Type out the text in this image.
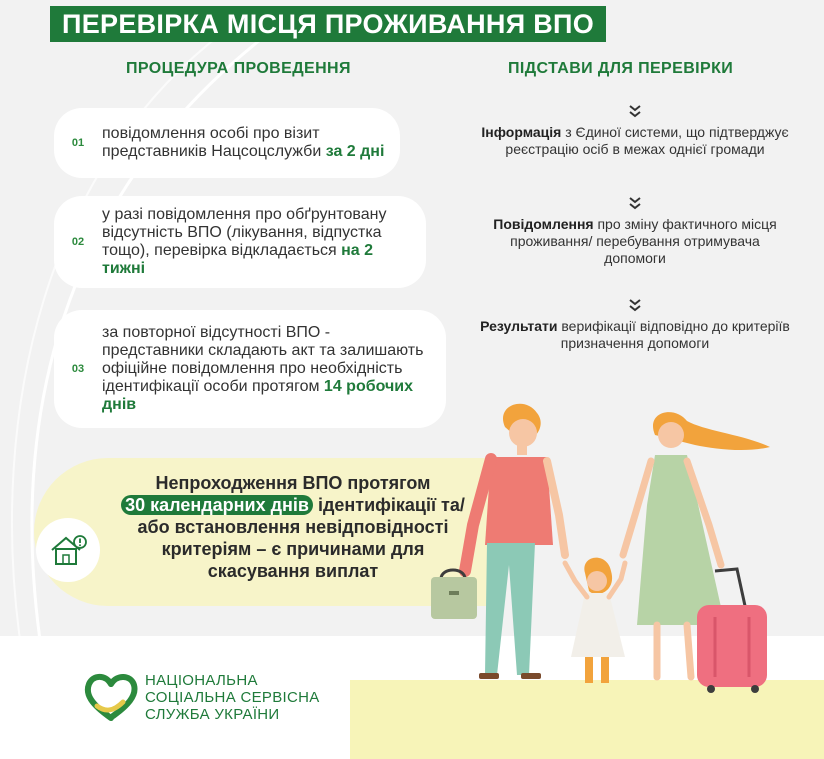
ПЕРЕВІРКА МІСЦЯ ПРОЖИВАННЯ ВПО
ПРОЦЕДУРА ПРОВЕДЕННЯ	ПІДСТАВИ ДЛЯ ПЕРЕВІРКИ
01
повідомлення особі про візит представників Нацсоцслужби за 2 дні
02
у разі повідомлення про обґрунтовану відсутність ВПО (лікування, відпустка тощо), перевірка відкладається на 2 тижні
03
за повторної відсутності ВПО - представники складають акт та залишають офіційне повідомлення про необхідність ідентифікації особи протягом 14 робочих днів
Інформація з Єдиної системи, що підтверджує реєстрацію осіб в межах однієї громади
Повідомлення про зміну фактичного місця проживання/ перебування отримувача допомоги
Результати верифікації відповідно до критеріїв призначення допомоги
Непроходження ВПО протягом
30 календарних днів ідентифікації та/або встановлення невідповідності критеріям – є причинами для скасування виплат
НАЦІОНАЛЬНА
СОЦІАЛЬНА СЕРВІСНА
СЛУЖБА УКРАЇНИ
